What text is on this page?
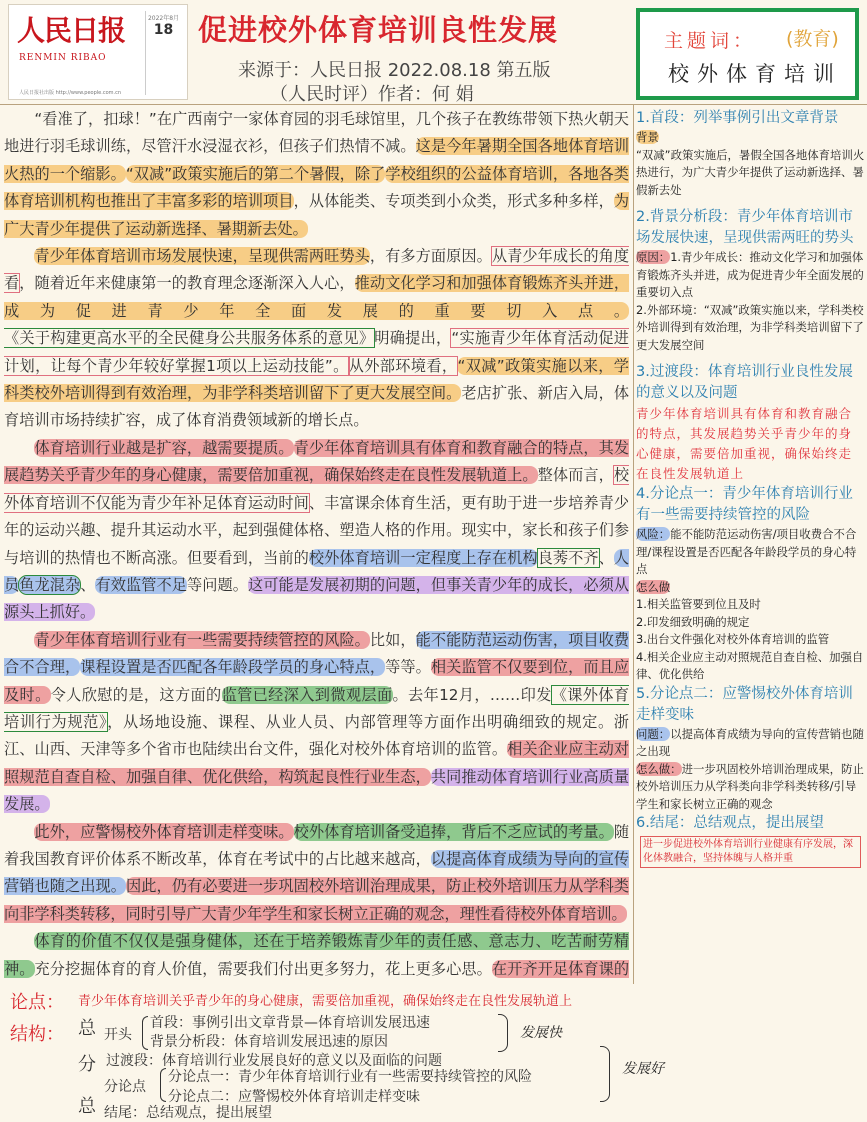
人民日报
RENMIN RIBAO
人民日报社出版 http://www.people.com.cn
2022年8月
18 促进校外体育培训良性发展
来源于：人民日报 2022.08.18 第五版
（人民时评）作者：何 娟
主题词： (教育)
校外体育培训

“看准了，扣球！”在广西南宁一家体育园的羽毛球馆里，几个孩子在教练带领下热火朝天地进行羽毛球训练，尽管汗水浸湿衣衫，但孩子们热情不减。这是今年暑期全国各地体育培训火热的一个缩影。“双减”政策实施后的第二个暑假，除了学校组织的公益体育培训，各地各类体育培训机构也推出了丰富多彩的培训项目，从体能类、专项类到小众类，形式多种多样，为广大青少年提供了运动新选择、暑期新去处。

青少年体育培训市场发展快速，呈现供需两旺势头，有多方面原因。从青少年成长的角度看，随着近年来健康第一的教育理念逐渐深入人心，推动文化学习和加强体育锻炼齐头并进，成为促进青少年全面发展的重要切入点。《关于构建更高水平的全民健身公共服务体系的意见》明确提出，“实施青少年体育活动促进计划，让每个青少年较好掌握1项以上运动技能”。从外部环境看，“双减”政策实施以来，学科类校外培训得到有效治理，为非学科类培训留下了更大发展空间。老店扩张、新店入局，体育培训市场持续扩容，成了体育消费领域新的增长点。

体育培训行业越是扩容，越需要提质。青少年体育培训具有体育和教育融合的特点，其发展趋势关乎青少年的身心健康，需要倍加重视，确保始终走在良性发展轨道上。整体而言，校外体育培训不仅能为青少年补足体育运动时间、丰富课余体育生活，更有助于进一步培养青少年的运动兴趣、提升其运动水平，起到强健体格、塑造人格的作用。现实中，家长和孩子们参与培训的热情也不断高涨。但要看到，当前的校外体育培训一定程度上存在机构良莠不齐、人员鱼龙混杂、有效监管不足等问题。这可能是发展初期的问题，但事关青少年的成长，必须从源头上抓好。

青少年体育培训行业有一些需要持续管控的风险。比如，能不能防范运动伤害，项目收费合不合理，课程设置是否匹配各年龄段学员的身心特点，等等。相关监管不仅要到位，而且应及时。令人欣慰的是，这方面的监管已经深入到微观层面。去年12月，……印发《课外体育培训行为规范》，从场地设施、课程、从业人员、内部管理等方面作出明确细致的规定。浙江、山西、天津等多个省市也陆续出台文件，强化对校外体育培训的监管。相关企业应主动对照规范自查自检、加强自律、优化供给，构筑起良性行业生态，共同推动体育培训行业高质量发展。

此外，应警惕校外体育培训走样变味。校外体育培训备受追捧，背后不乏应试的考量。随着我国教育评价体系不断改革，体育在考试中的占比越来越高，以提高体育成绩为导向的宣传营销也随之出现。因此，仍有必要进一步巩固校外培训治理成果，防止校外培训压力从学科类向非学科类转移，同时引导广大青少年学生和家长树立正确的观念，理性看待校外体育培训。

体育的价值不仅仅是强身健体，还在于培养锻炼青少年的责任感、意志力、吃苦耐劳精神。充分挖掘体育的育人价值，需要我们付出更多努力，花上更多心思。在开齐开足体育课的

1.首段：列举事例引出文章背景
背景
“双减”政策实施后，暑假全国各地体育培训火热进行，为广大青少年提供了运动新选择、暑假新去处
2.背景分析段：青少年体育培训市场发展快速，呈现供需两旺的势头
原因：1.青少年成长：推动文化学习和加强体育锻炼齐头并进，成为促进青少年全面发展的重要切入点
2.外部环境：“双减”政策实施以来，学科类校外培训得到有效治理，为非学科类培训留下了更大发展空间
3.过渡段：体育培训行业良性发展的意义以及问题
青少年体育培训具有体育和教育融合的特点，其发展趋势关乎青少年的身心健康，需要倍加重视，确保始终走在良性发展轨道上
4.分论点一：青少年体育培训行业有一些需要持续管控的风险
风险：能不能防范运动伤害/项目收费合不合理/课程设置是否匹配各年龄段学员的身心特点
怎么做
1.相关监管要到位且及时
2.印发细致明确的规定
3.出台文件强化对校外体育培训的监管
4.相关企业应主动对照规范自查自检、加强自律、优化供给
5.分论点二：应警惕校外体育培训走样变味
问题：以提高体育成绩为导向的宣传营销也随之出现
怎么做：进一步巩固校外培训治理成果，防止校外培训压力从学科类向非学科类转移/引导学生和家长树立正确的观念
6.结尾：总结观点，提出展望
进一步促进校外体育培训行业健康有序发展，深化体教融合，坚持体魄与人格并重
论点： 青少年体育培训关乎青少年的身心健康，需要倍加重视，确保始终走在良性发展轨道上
结构： 总
分
总
开头
首段：事例引出文章背景—体育培训发展迅速
背景分析段：体育培训发展迅速的原因
发展快
过渡段：体育培训行业发展良好的意义以及面临的问题
分论点
分论点一：青少年体育培训行业有一些需要持续管控的风险
分论点二：应警惕校外体育培训走样变味
发展好
结尾：总结观点，提出展望
